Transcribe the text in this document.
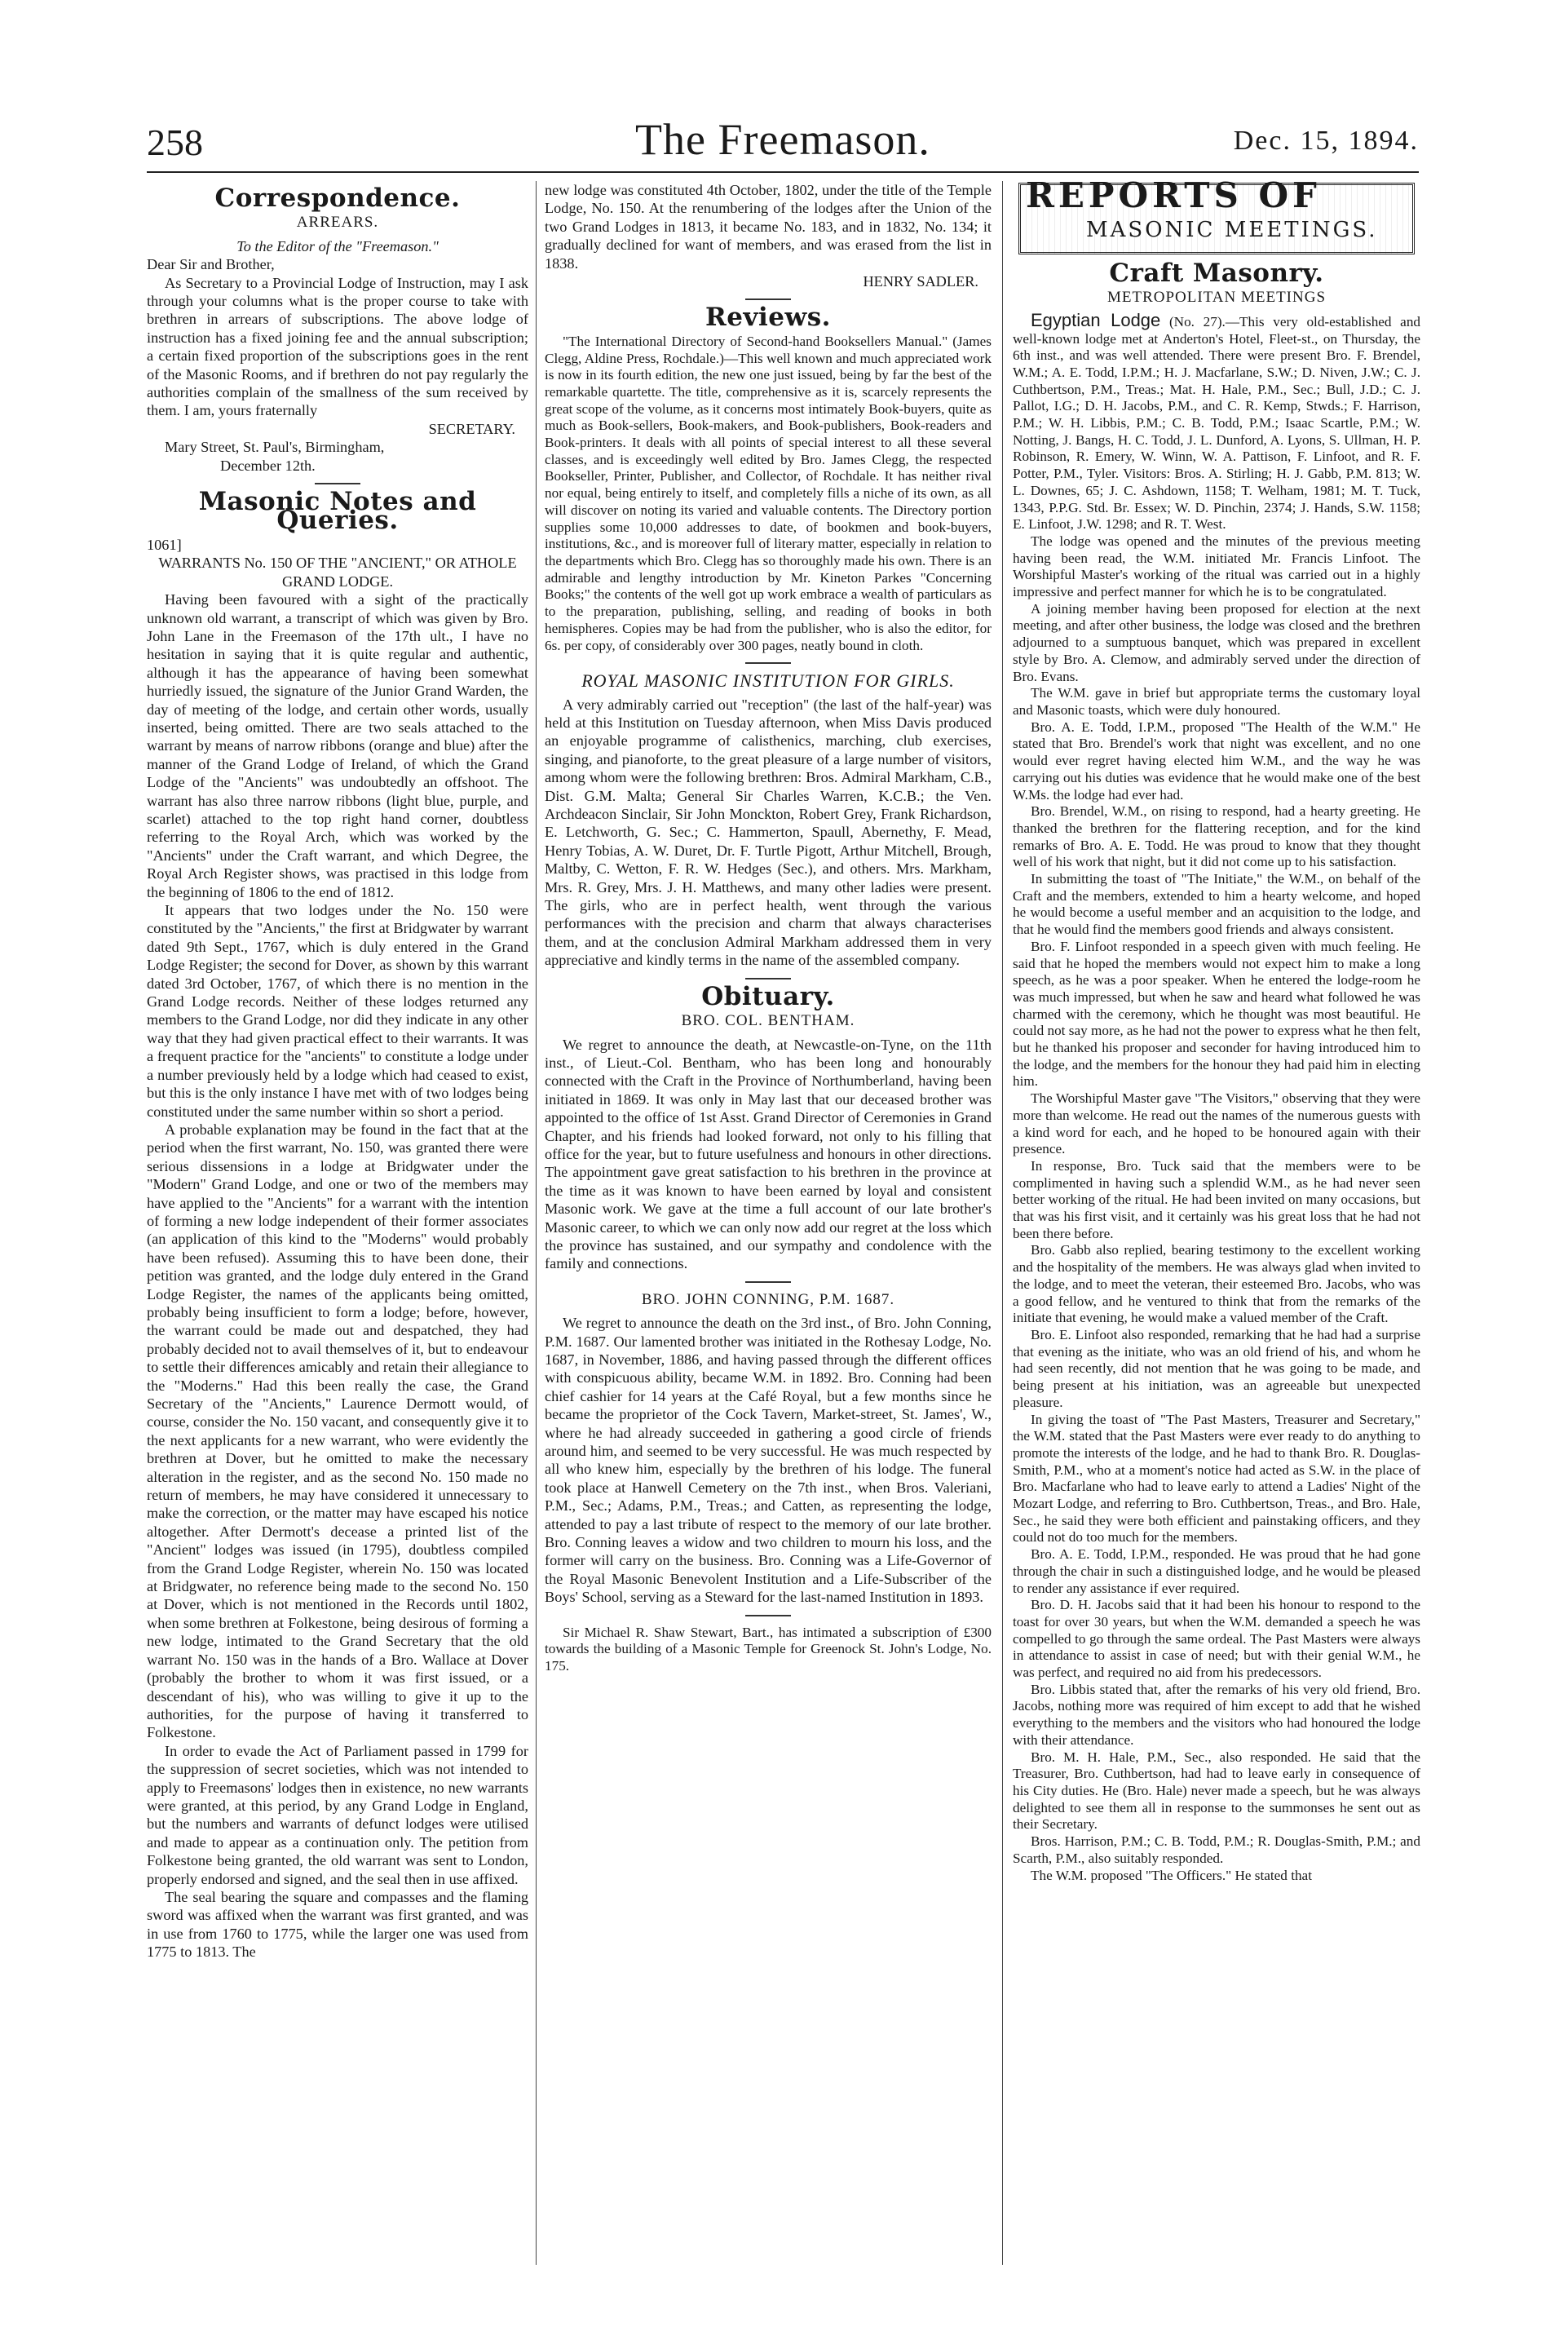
258	The Freemason.	Dec. 15, 1894.
Correspondence.
ARREARS.

To the Editor of the "Freemason."

Dear Sir and Brother,

As Secretary to a Provincial Lodge of Instruction, may I ask through your columns what is the proper course to take with brethren in arrears of subscriptions. The above lodge of instruction has a fixed joining fee and the annual subscription; a certain fixed proportion of the subscriptions goes in the rent of the Masonic Rooms, and if brethren do not pay regularly the authorities complain of the smallness of the sum received by them. I am, yours fraternally

SECRETARY.

Mary Street, St. Paul's, Birmingham,

December 12th.

Masonic Notes and Queries.

1061]

WARRANTS No. 150 OF THE "ANCIENT," OR ATHOLE GRAND LODGE.

Having been favoured with a sight of the practically unknown old warrant, a transcript of which was given by Bro. John Lane in the Freemason of the 17th ult., I have no hesitation in saying that it is quite regular and authentic, although it has the appearance of having been somewhat hurriedly issued, the signature of the Junior Grand Warden, the day of meeting of the lodge, and certain other words, usually inserted, being omitted. There are two seals attached to the warrant by means of narrow ribbons (orange and blue) after the manner of the Grand Lodge of Ireland, of which the Grand Lodge of the "Ancients" was undoubtedly an offshoot. The warrant has also three narrow ribbons (light blue, purple, and scarlet) attached to the top right hand corner, doubtless referring to the Royal Arch, which was worked by the "Ancients" under the Craft warrant, and which Degree, the Royal Arch Register shows, was practised in this lodge from the beginning of 1806 to the end of 1812.

It appears that two lodges under the No. 150 were constituted by the "Ancients," the first at Bridgwater by warrant dated 9th Sept., 1767, which is duly entered in the Grand Lodge Register; the second for Dover, as shown by this warrant dated 3rd October, 1767, of which there is no mention in the Grand Lodge records. Neither of these lodges returned any members to the Grand Lodge, nor did they indicate in any other way that they had given practical effect to their warrants. It was a frequent practice for the "ancients" to constitute a lodge under a number previously held by a lodge which had ceased to exist, but this is the only instance I have met with of two lodges being constituted under the same number within so short a period.

A probable explanation may be found in the fact that at the period when the first warrant, No. 150, was granted there were serious dissensions in a lodge at Bridgwater under the "Modern" Grand Lodge, and one or two of the members may have applied to the "Ancients" for a warrant with the intention of forming a new lodge independent of their former associates (an application of this kind to the "Moderns" would probably have been refused). Assuming this to have been done, their petition was granted, and the lodge duly entered in the Grand Lodge Register, the names of the applicants being omitted, probably being insufficient to form a lodge; before, however, the warrant could be made out and despatched, they had probably decided not to avail themselves of it, but to endeavour to settle their differences amicably and retain their allegiance to the "Moderns." Had this been really the case, the Grand Secretary of the "Ancients," Laurence Dermott would, of course, consider the No. 150 vacant, and consequently give it to the next applicants for a new warrant, who were evidently the brethren at Dover, but he omitted to make the necessary alteration in the register, and as the second No. 150 made no return of members, he may have considered it unnecessary to make the correction, or the matter may have escaped his notice altogether. After Dermott's decease a printed list of the "Ancient" lodges was issued (in 1795), doubtless compiled from the Grand Lodge Register, wherein No. 150 was located at Bridgwater, no reference being made to the second No. 150 at Dover, which is not mentioned in the Records until 1802, when some brethren at Folkestone, being desirous of forming a new lodge, intimated to the Grand Secretary that the old warrant No. 150 was in the hands of a Bro. Wallace at Dover (probably the brother to whom it was first issued, or a descendant of his), who was willing to give it up to the authorities, for the purpose of having it transferred to Folkestone.

In order to evade the Act of Parliament passed in 1799 for the suppression of secret societies, which was not intended to apply to Freemasons' lodges then in existence, no new warrants were granted, at this period, by any Grand Lodge in England, but the numbers and warrants of defunct lodges were utilised and made to appear as a continuation only. The petition from Folkestone being granted, the old warrant was sent to London, properly endorsed and signed, and the seal then in use affixed.

The seal bearing the square and compasses and the flaming sword was affixed when the warrant was first granted, and was in use from 1760 to 1775, while the larger one was used from 1775 to 1813. The

new lodge was constituted 4th October, 1802, under the title of the Temple Lodge, No. 150. At the renumbering of the lodges after the Union of the two Grand Lodges in 1813, it became No. 183, and in 1832, No. 134; it gradually declined for want of members, and was erased from the list in 1838.

HENRY SADLER.

Reviews.

"The International Directory of Second-hand Booksellers Manual." (James Clegg, Aldine Press, Rochdale.)—This well known and much appreciated work is now in its fourth edition, the new one just issued, being by far the best of the remarkable quartette. The title, comprehensive as it is, scarcely represents the great scope of the volume, as it concerns most intimately Book-buyers, quite as much as Book-sellers, Book-makers, and Book-publishers, Book-readers and Book-printers. It deals with all points of special interest to all these several classes, and is exceedingly well edited by Bro. James Clegg, the respected Bookseller, Printer, Publisher, and Collector, of Rochdale. It has neither rival nor equal, being entirely to itself, and completely fills a niche of its own, as all will discover on noting its varied and valuable contents. The Directory portion supplies some 10,000 addresses to date, of bookmen and book-buyers, institutions, &c., and is moreover full of literary matter, especially in relation to the departments which Bro. Clegg has so thoroughly made his own. There is an admirable and lengthy introduction by Mr. Kineton Parkes "Concerning Books;" the contents of the well got up work embrace a wealth of particulars as to the preparation, publishing, selling, and reading of books in both hemispheres. Copies may be had from the publisher, who is also the editor, for 6s. per copy, of considerably over 300 pages, neatly bound in cloth.

ROYAL MASONIC INSTITUTION FOR GIRLS.

A very admirably carried out "reception" (the last of the half-year) was held at this Institution on Tuesday afternoon, when Miss Davis produced an enjoyable programme of calisthenics, marching, club exercises, singing, and pianoforte, to the great pleasure of a large number of visitors, among whom were the following brethren: Bros. Admiral Markham, C.B., Dist. G.M. Malta; General Sir Charles Warren, K.C.B.; the Ven. Archdeacon Sinclair, Sir John Monckton, Robert Grey, Frank Richardson, E. Letchworth, G. Sec.; C. Hammerton, Spaull, Abernethy, F. Mead, Henry Tobias, A. W. Duret, Dr. F. Turtle Pigott, Arthur Mitchell, Brough, Maltby, C. Wetton, F. R. W. Hedges (Sec.), and others. Mrs. Markham, Mrs. R. Grey, Mrs. J. H. Matthews, and many other ladies were present. The girls, who are in perfect health, went through the various performances with the precision and charm that always characterises them, and at the conclusion Admiral Markham addressed them in very appreciative and kindly terms in the name of the assembled company.

Obituary.
BRO. COL. BENTHAM.

We regret to announce the death, at Newcastle-on-Tyne, on the 11th inst., of Lieut.-Col. Bentham, who has been long and honourably connected with the Craft in the Province of Northumberland, having been initiated in 1869. It was only in May last that our deceased brother was appointed to the office of 1st Asst. Grand Director of Ceremonies in Grand Chapter, and his friends had looked forward, not only to his filling that office for the year, but to future usefulness and honours in other directions. The appointment gave great satisfaction to his brethren in the province at the time as it was known to have been earned by loyal and consistent Masonic work. We gave at the time a full account of our late brother's Masonic career, to which we can only now add our regret at the loss which the province has sustained, and our sympathy and condolence with the family and connections.

BRO. JOHN CONNING, P.M. 1687.

We regret to announce the death on the 3rd inst., of Bro. John Conning, P.M. 1687. Our lamented brother was initiated in the Rothesay Lodge, No. 1687, in November, 1886, and having passed through the different offices with conspicuous ability, became W.M. in 1892. Bro. Conning had been chief cashier for 14 years at the Café Royal, but a few months since he became the proprietor of the Cock Tavern, Market-street, St. James', W., where he had already succeeded in gathering a good circle of friends around him, and seemed to be very successful. He was much respected by all who knew him, especially by the brethren of his lodge. The funeral took place at Hanwell Cemetery on the 7th inst., when Bros. Valeriani, P.M., Sec.; Adams, P.M., Treas.; and Catten, as representing the lodge, attended to pay a last tribute of respect to the memory of our late brother. Bro. Conning leaves a widow and two children to mourn his loss, and the former will carry on the business. Bro. Conning was a Life-Governor of the Royal Masonic Benevolent Institution and a Life-Subscriber of the Boys' School, serving as a Steward for the last-named Institution in 1893.

Sir Michael R. Shaw Stewart, Bart., has intimated a subscription of £300 towards the building of a Masonic Temple for Greenock St. John's Lodge, No. 175.

REPORTS OF
MASONIC MEETINGS.
Craft Masonry.
METROPOLITAN MEETINGS

Egyptian Lodge (No. 27).—This very old-established and well-known lodge met at Anderton's Hotel, Fleet-st., on Thursday, the 6th inst., and was well attended. There were present Bro. F. Brendel, W.M.; A. E. Todd, I.P.M.; H. J. Macfarlane, S.W.; D. Niven, J.W.; C. J. Cuthbertson, P.M., Treas.; Mat. H. Hale, P.M., Sec.; Bull, J.D.; C. J. Pallot, I.G.; D. H. Jacobs, P.M., and C. R. Kemp, Stwds.; F. Harrison, P.M.; W. H. Libbis, P.M.; C. B. Todd, P.M.; Isaac Scartle, P.M.; W. Notting, J. Bangs, H. C. Todd, J. L. Dunford, A. Lyons, S. Ullman, H. P. Robinson, R. Emery, W. Winn, W. A. Pattison, F. Linfoot, and R. F. Potter, P.M., Tyler. Visitors: Bros. A. Stirling; H. J. Gabb, P.M. 813; W. L. Downes, 65; J. C. Ashdown, 1158; T. Welham, 1981; M. T. Tuck, 1343, P.P.G. Std. Br. Essex; W. D. Pinchin, 2374; J. Hands, S.W. 1158; E. Linfoot, J.W. 1298; and R. T. West.

The lodge was opened and the minutes of the previous meeting having been read, the W.M. initiated Mr. Francis Linfoot. The Worshipful Master's working of the ritual was carried out in a highly impressive and perfect manner for which he is to be congratulated.

A joining member having been proposed for election at the next meeting, and after other business, the lodge was closed and the brethren adjourned to a sumptuous banquet, which was prepared in excellent style by Bro. A. Clemow, and admirably served under the direction of Bro. Evans.

The W.M. gave in brief but appropriate terms the customary loyal and Masonic toasts, which were duly honoured.

Bro. A. E. Todd, I.P.M., proposed "The Health of the W.M." He stated that Bro. Brendel's work that night was excellent, and no one would ever regret having elected him W.M., and the way he was carrying out his duties was evidence that he would make one of the best W.Ms. the lodge had ever had.

Bro. Brendel, W.M., on rising to respond, had a hearty greeting. He thanked the brethren for the flattering reception, and for the kind remarks of Bro. A. E. Todd. He was proud to know that they thought well of his work that night, but it did not come up to his satisfaction.

In submitting the toast of "The Initiate," the W.M., on behalf of the Craft and the members, extended to him a hearty welcome, and hoped he would become a useful member and an acquisition to the lodge, and that he would find the members good friends and always consistent.

Bro. F. Linfoot responded in a speech given with much feeling. He said that he hoped the members would not expect him to make a long speech, as he was a poor speaker. When he entered the lodge-room he was much impressed, but when he saw and heard what followed he was charmed with the ceremony, which he thought was most beautiful. He could not say more, as he had not the power to express what he then felt, but he thanked his proposer and seconder for having introduced him to the lodge, and the members for the honour they had paid him in electing him.

The Worshipful Master gave "The Visitors," observing that they were more than welcome. He read out the names of the numerous guests with a kind word for each, and he hoped to be honoured again with their presence.

In response, Bro. Tuck said that the members were to be complimented in having such a splendid W.M., as he had never seen better working of the ritual. He had been invited on many occasions, but that was his first visit, and it certainly was his great loss that he had not been there before.

Bro. Gabb also replied, bearing testimony to the excellent working and the hospitality of the members. He was always glad when invited to the lodge, and to meet the veteran, their esteemed Bro. Jacobs, who was a good fellow, and he ventured to think that from the remarks of the initiate that evening, he would make a valued member of the Craft.

Bro. E. Linfoot also responded, remarking that he had had a surprise that evening as the initiate, who was an old friend of his, and whom he had seen recently, did not mention that he was going to be made, and being present at his initiation, was an agreeable but unexpected pleasure.

In giving the toast of "The Past Masters, Treasurer and Secretary," the W.M. stated that the Past Masters were ever ready to do anything to promote the interests of the lodge, and he had to thank Bro. R. Douglas-Smith, P.M., who at a moment's notice had acted as S.W. in the place of Bro. Macfarlane who had to leave early to attend a Ladies' Night of the Mozart Lodge, and referring to Bro. Cuthbertson, Treas., and Bro. Hale, Sec., he said they were both efficient and painstaking officers, and they could not do too much for the members.

Bro. A. E. Todd, I.P.M., responded. He was proud that he had gone through the chair in such a distinguished lodge, and he would be pleased to render any assistance if ever required.

Bro. D. H. Jacobs said that it had been his honour to respond to the toast for over 30 years, but when the W.M. demanded a speech he was compelled to go through the same ordeal. The Past Masters were always in attendance to assist in case of need; but with their genial W.M., he was perfect, and required no aid from his predecessors.

Bro. Libbis stated that, after the remarks of his very old friend, Bro. Jacobs, nothing more was required of him except to add that he wished everything to the members and the visitors who had honoured the lodge with their attendance.

Bro. M. H. Hale, P.M., Sec., also responded. He said that the Treasurer, Bro. Cuthbertson, had had to leave early in consequence of his City duties. He (Bro. Hale) never made a speech, but he was always delighted to see them all in response to the summonses he sent out as their Secretary.

Bros. Harrison, P.M.; C. B. Todd, P.M.; R. Douglas-Smith, P.M.; and Scarth, P.M., also suitably responded.

The W.M. proposed "The Officers." He stated that
